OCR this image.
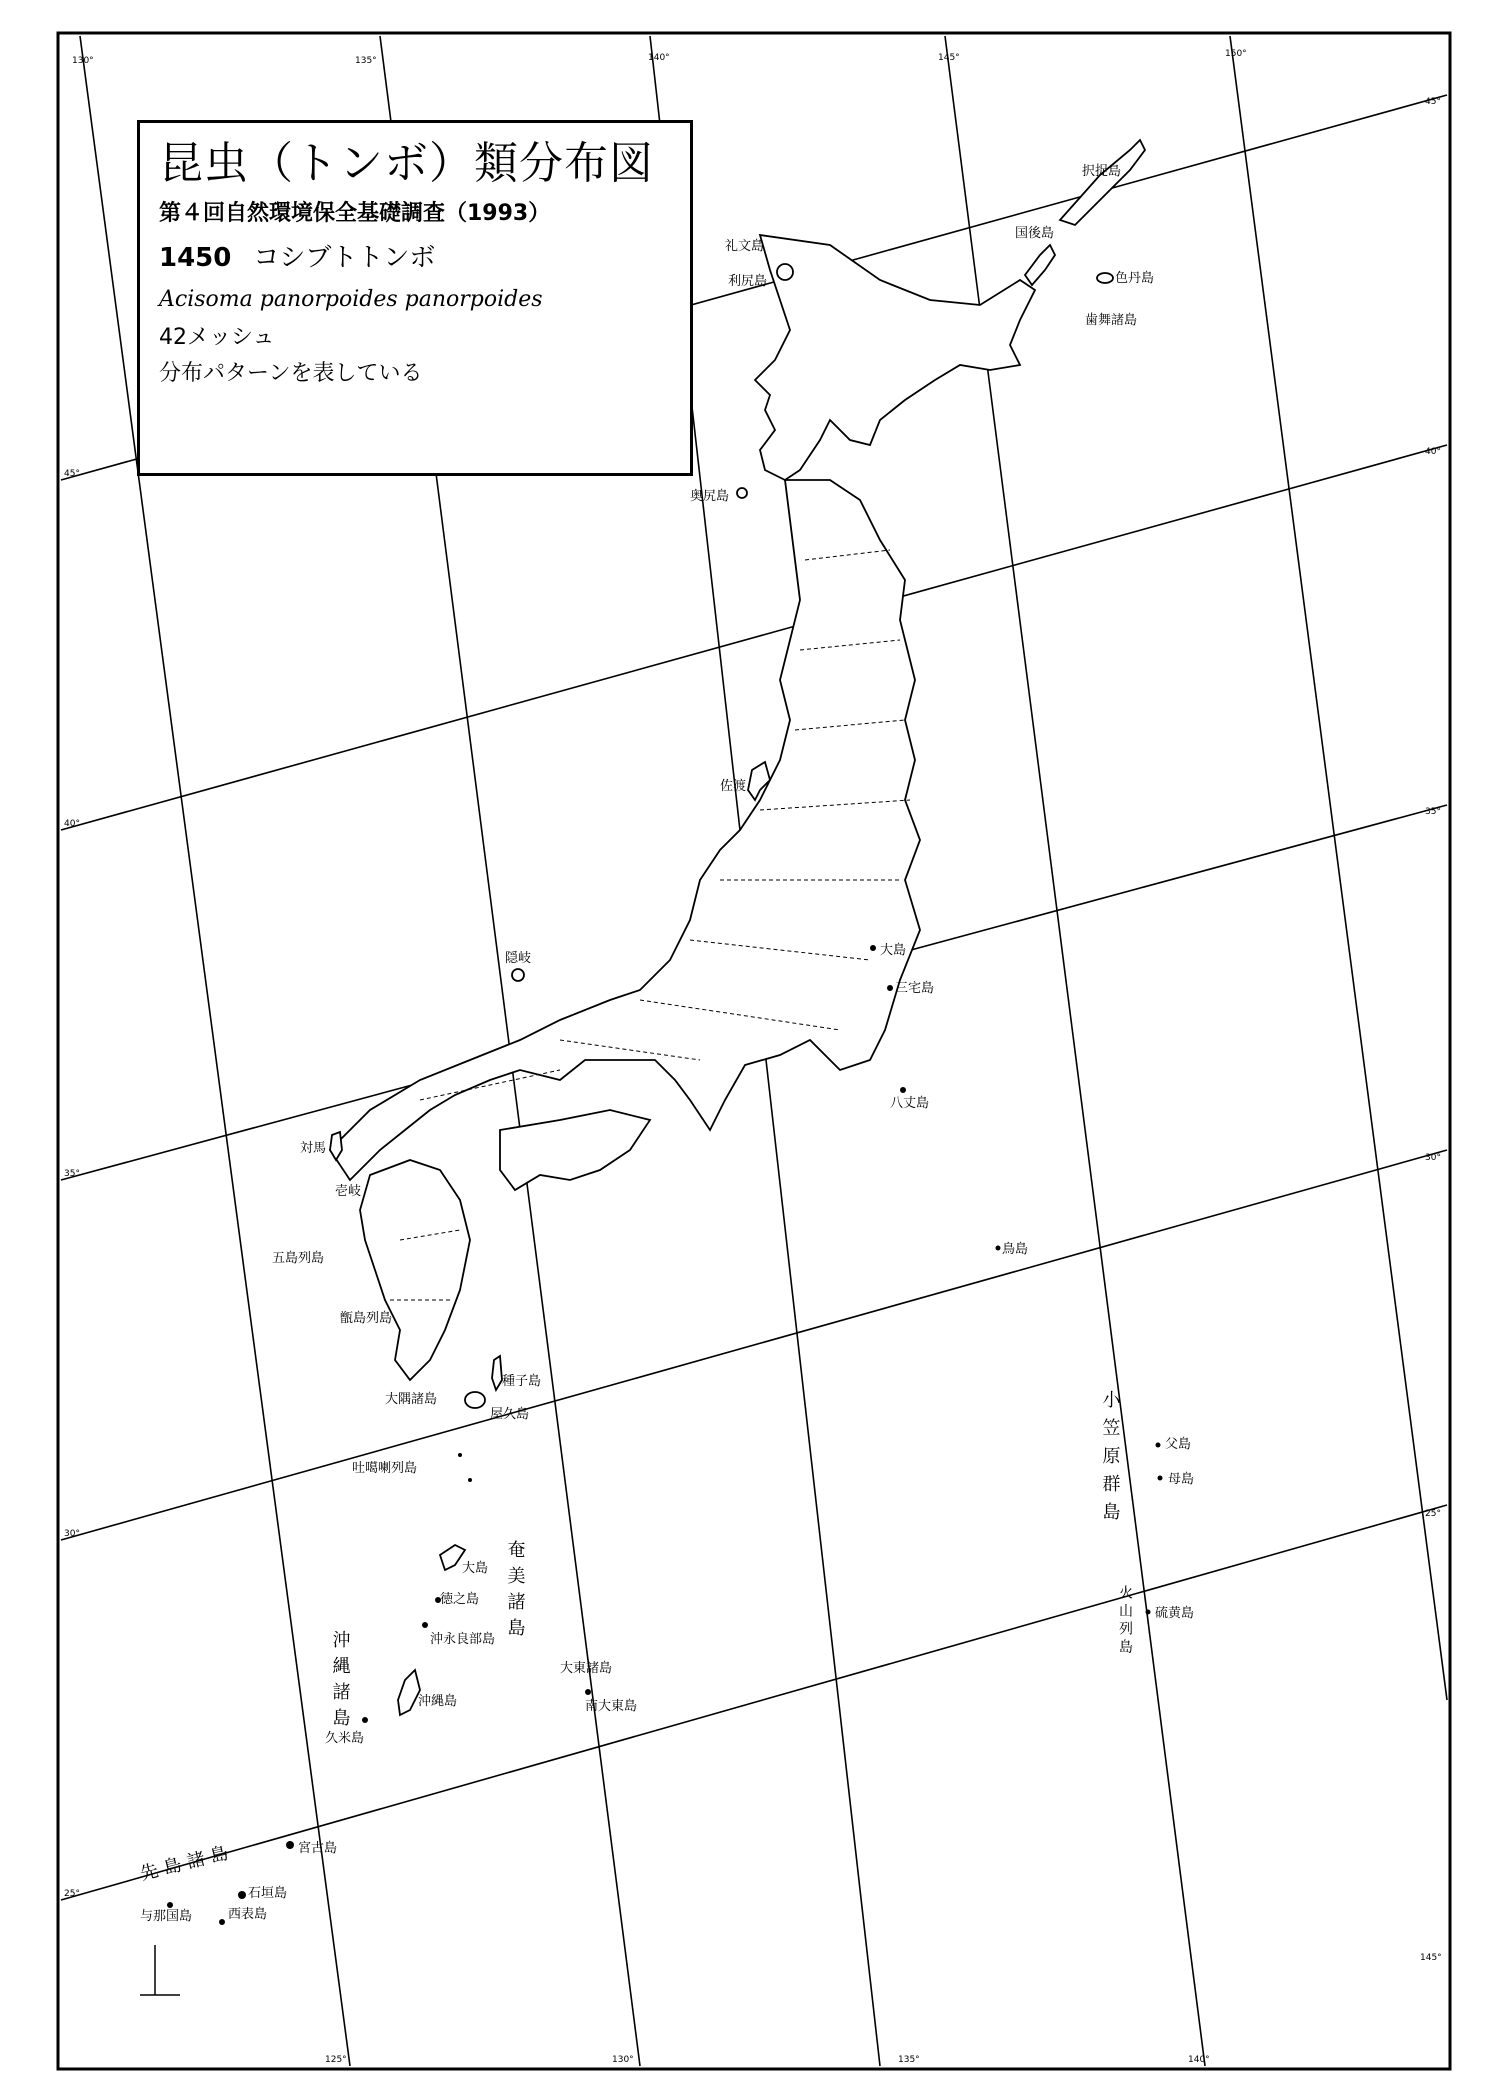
130°	135°	140°	145°	150°
125°	130°	135°	140°
45°
40°
35°
30°
25°
45°
40°
35°
30°
25°
145°
択捉島
国後島
色丹島
歯舞諸島
礼文島
利尻島
奥尻島
佐渡
隠岐
大島
三宅島
八丈島
鳥島
対馬
壱岐
五島列島
甑島列島
種子島
大隅諸島
屋久島
吐噶喇列島
大島
徳之島
沖永良部島
沖縄島
久米島
大東諸島
南大東島
父島
母島
硫黄島
宮古島
石垣島
西表島
与那国島
奄美諸島
沖縄諸島
小笠原群島
火山列島
先島諸島
昆虫（トンボ）類分布図
第４回自然環境保全基礎調査（1993）
1450 コシブトトンボ
Acisoma panorpoides panorpoides
42メッシュ
分布パターンを表している
